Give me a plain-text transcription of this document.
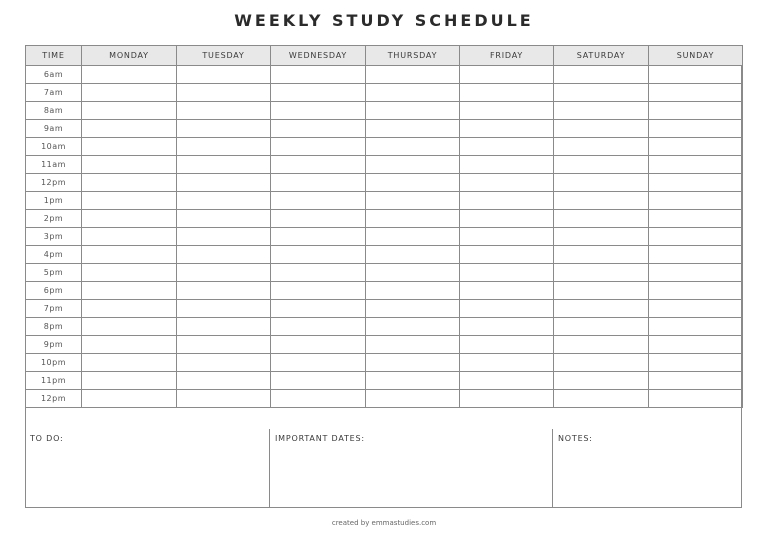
WEEKLY STUDY SCHEDULE
TIME	MONDAY	TUESDAY	WEDNESDAY	THURSDAY	FRIDAY	SATURDAY	SUNDAY
6am							
7am							
8am							
9am							
10am							
11am							
12pm							
1pm							
2pm							
3pm							
4pm							
5pm							
6pm							
7pm							
8pm							
9pm							
10pm							
11pm							
12pm							
TO DO:	IMPORTANT DATES:	NOTES:
created by emmastudies.com
